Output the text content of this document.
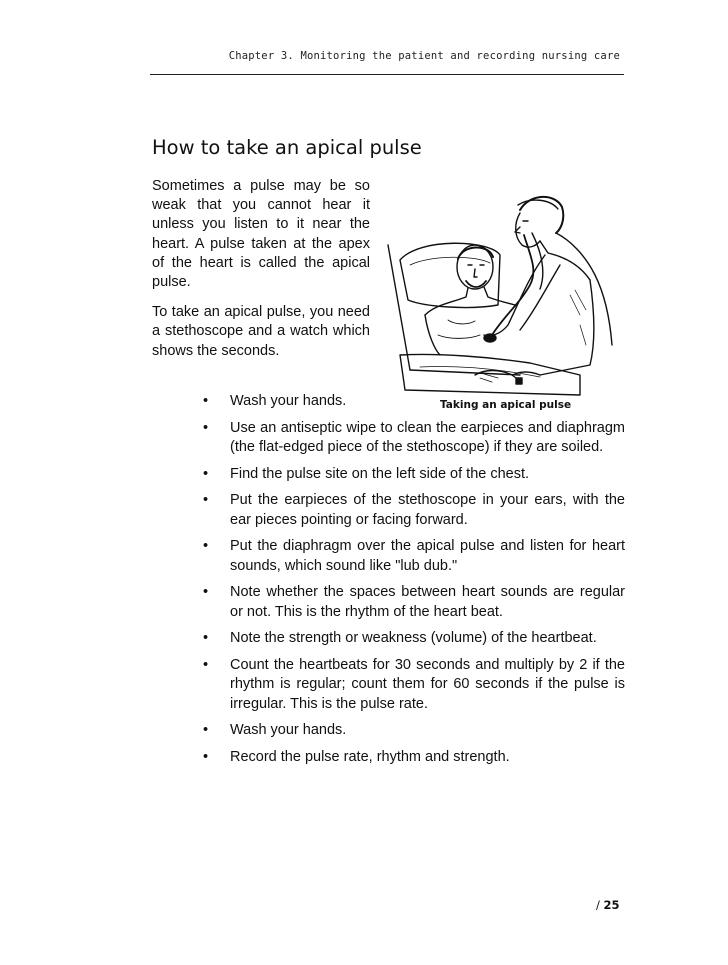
Chapter 3. Monitoring the patient and recording nursing care
How to take an apical pulse

Sometimes a pulse may be so weak that you cannot hear it unless you listen to it near the heart. A pulse taken at the apex of the heart is called the apical pulse.

To take an apical pulse, you need a stethoscope and a watch which shows the seconds.

Taking an apical pulse
• Wash your hands.
• Use an antiseptic wipe to clean the earpieces and diaphragm (the flat-edged piece of the stethoscope) if they are soiled.
• Find the pulse site on the left side of the chest.
• Put the earpieces of the stethoscope in your ears, with the ear pieces pointing or facing forward.
• Put the diaphragm over the apical pulse and listen for heart sounds, which sound like "lub dub."
• Note whether the spaces between heart sounds are regular or not. This is the rhythm of the heart beat.
• Note the strength or weakness (volume) of the heartbeat.
• Count the heartbeats for 30 seconds and multiply by 2 if the rhythm is regular; count them for 60 seconds if the pulse is irregular. This is the pulse rate.
• Wash your hands.
• Record the pulse rate, rhythm and strength.
/ 25
